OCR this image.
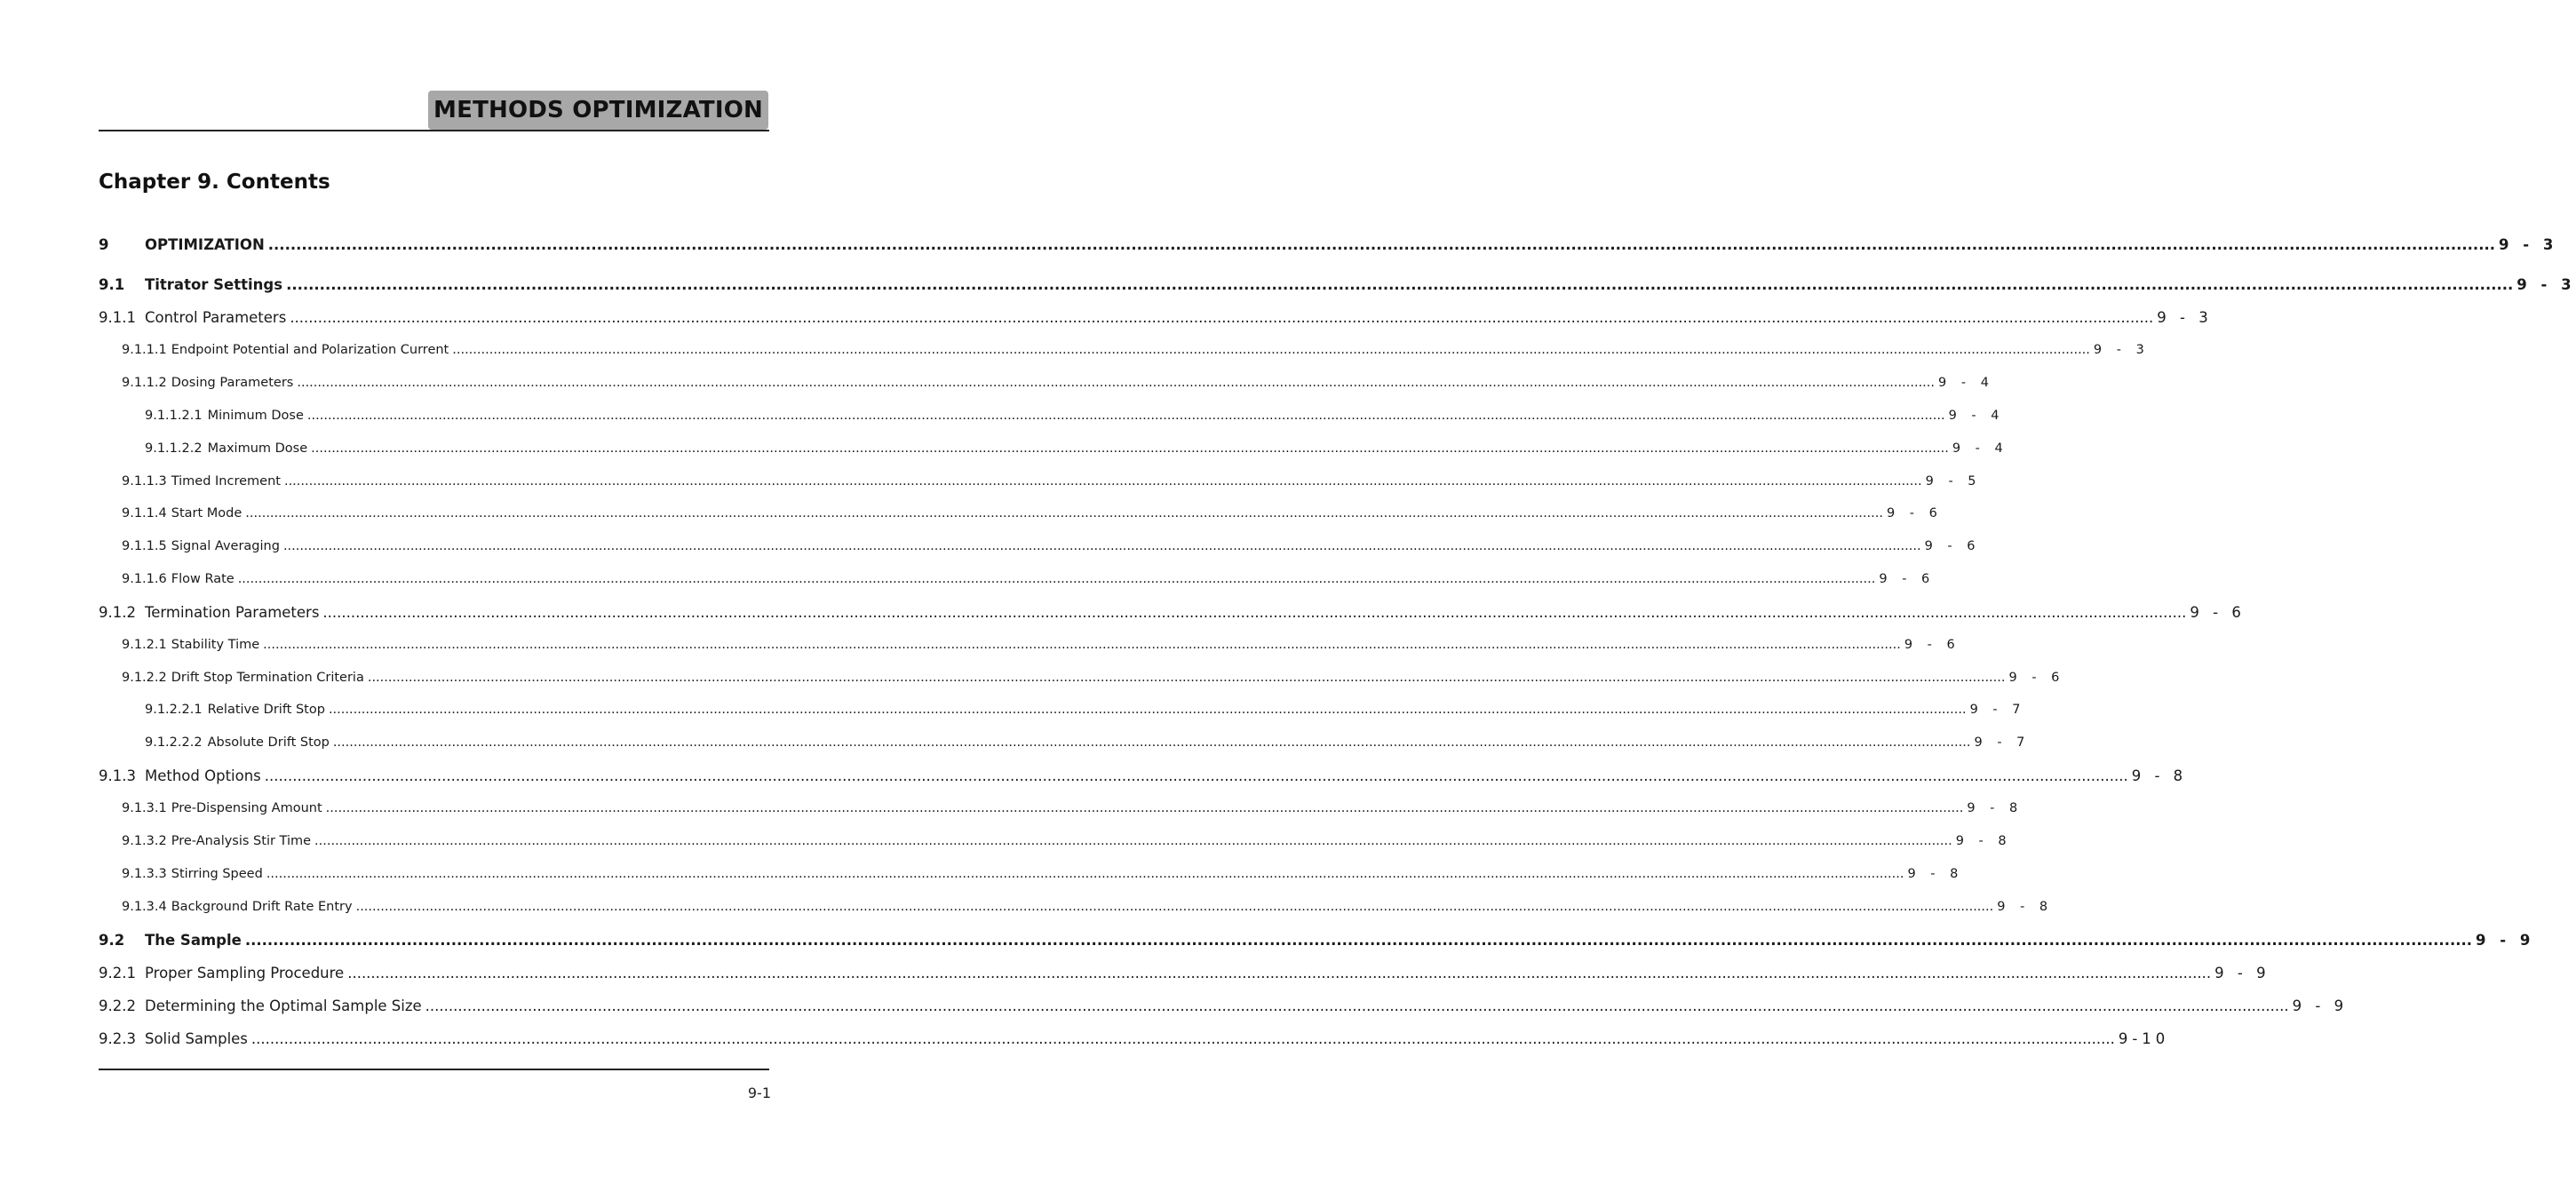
METHODS OPTIMIZATION
Chapter 9. Contents
9	OPTIMIZATION ................................................................................................................................................................................................................................................................................................................................................................................................................ 9 - 3
9.1	Titrator Settings ................................................................................................................................................................................................................................................................................................................................................................................................................ 9 - 3
9.1.1 Control Parameters ................................................................................................................................................................................................................................................................................................................................................................................................................ 9 - 3
9.1.1.1 Endpoint Potential and Polarization Current ................................................................................................................................................................................................................................................................................................................................................................................................................ 9 - 3
9.1.1.2 Dosing Parameters ................................................................................................................................................................................................................................................................................................................................................................................................................ 9 - 4
9.1.1.2.1 Minimum Dose ................................................................................................................................................................................................................................................................................................................................................................................................................ 9 - 4
9.1.1.2.2 Maximum Dose ................................................................................................................................................................................................................................................................................................................................................................................................................ 9 - 4
9.1.1.3 Timed Increment ................................................................................................................................................................................................................................................................................................................................................................................................................ 9 - 5
9.1.1.4 Start Mode ................................................................................................................................................................................................................................................................................................................................................................................................................ 9 - 6
9.1.1.5 Signal Averaging ................................................................................................................................................................................................................................................................................................................................................................................................................ 9 - 6
9.1.1.6 Flow Rate ................................................................................................................................................................................................................................................................................................................................................................................................................ 9 - 6
9.1.2 Termination Parameters ................................................................................................................................................................................................................................................................................................................................................................................................................ 9 - 6
9.1.2.1 Stability Time ................................................................................................................................................................................................................................................................................................................................................................................................................ 9 - 6
9.1.2.2 Drift Stop Termination Criteria ................................................................................................................................................................................................................................................................................................................................................................................................................ 9 - 6
9.1.2.2.1 Relative Drift Stop ................................................................................................................................................................................................................................................................................................................................................................................................................ 9 - 7
9.1.2.2.2 Absolute Drift Stop ................................................................................................................................................................................................................................................................................................................................................................................................................ 9 - 7
9.1.3 Method Options ................................................................................................................................................................................................................................................................................................................................................................................................................ 9 - 8
9.1.3.1 Pre-Dispensing Amount ................................................................................................................................................................................................................................................................................................................................................................................................................ 9 - 8
9.1.3.2 Pre-Analysis Stir Time ................................................................................................................................................................................................................................................................................................................................................................................................................ 9 - 8
9.1.3.3 Stirring Speed ................................................................................................................................................................................................................................................................................................................................................................................................................ 9 - 8
9.1.3.4 Background Drift Rate Entry ................................................................................................................................................................................................................................................................................................................................................................................................................ 9 - 8
9.2	The Sample ................................................................................................................................................................................................................................................................................................................................................................................................................ 9 - 9
9.2.1 Proper Sampling Procedure ................................................................................................................................................................................................................................................................................................................................................................................................................ 9 - 9
9.2.2 Determining the Optimal Sample Size ................................................................................................................................................................................................................................................................................................................................................................................................................ 9 - 9
9.2.3 Solid Samples ................................................................................................................................................................................................................................................................................................................................................................................................................ 9-10
9-1
